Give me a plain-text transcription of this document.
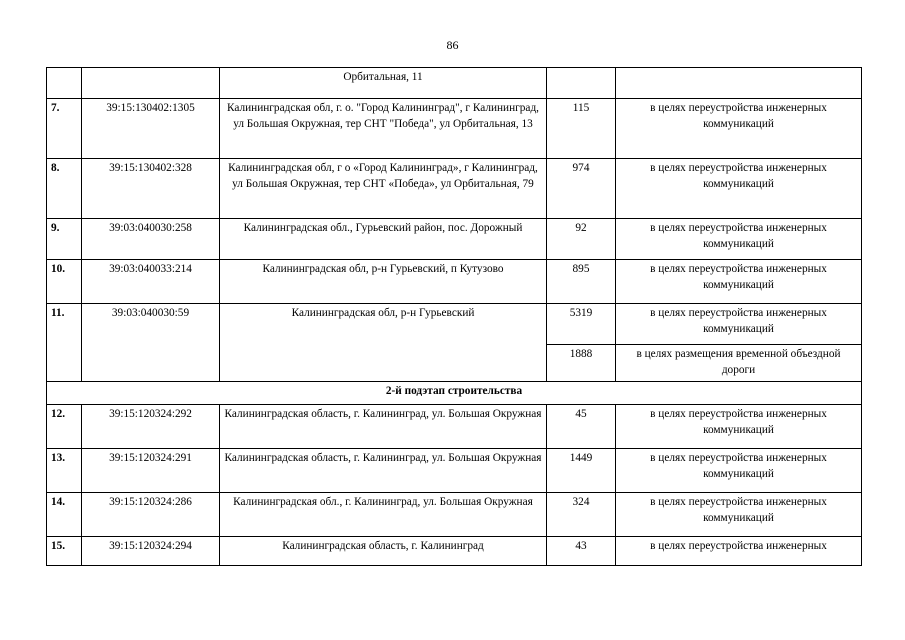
86
		Орбитальная, 11		
7.	39:15:130402:1305	Калининградская обл, г. о. "Город Калининград", г Калининград, ул Большая Окружная, тер СНТ "Победа", ул Орбитальная, 13	115	в целях переустройства инженерных коммуникаций
8.	39:15:130402:328	Калининградская обл, г о «Город Калининград», г Калининград, ул Большая Окружная, тер СНТ «Победа», ул Орбитальная, 79	974	в целях переустройства инженерных коммуникаций
9.	39:03:040030:258	Калининградская обл., Гурьевский район, пос. Дорожный	92	в целях переустройства инженерных коммуникаций
10.	39:03:040033:214	Калининградская обл, р-н Гурьевский, п Кутузово	895	в целях переустройства инженерных коммуникаций
11.	39:03:040030:59	Калининградская обл, р-н Гурьевский	5319	в целях переустройства инженерных коммуникаций
			1888	в целях размещения временной объездной дороги
2-й подэтап строительства				
12.	39:15:120324:292	Калининградская область, г. Калининград, ул. Большая Окружная	45	в целях переустройства инженерных коммуникаций
13.	39:15:120324:291	Калининградская область, г. Калининград, ул. Большая Окружная	1449	в целях переустройства инженерных коммуникаций
14.	39:15:120324:286	Калининградская обл., г. Калининград, ул. Большая Окружная	324	в целях переустройства инженерных коммуникаций
15.	39:15:120324:294	Калининградская область, г. Калининград	43	в целях переустройства инженерных
